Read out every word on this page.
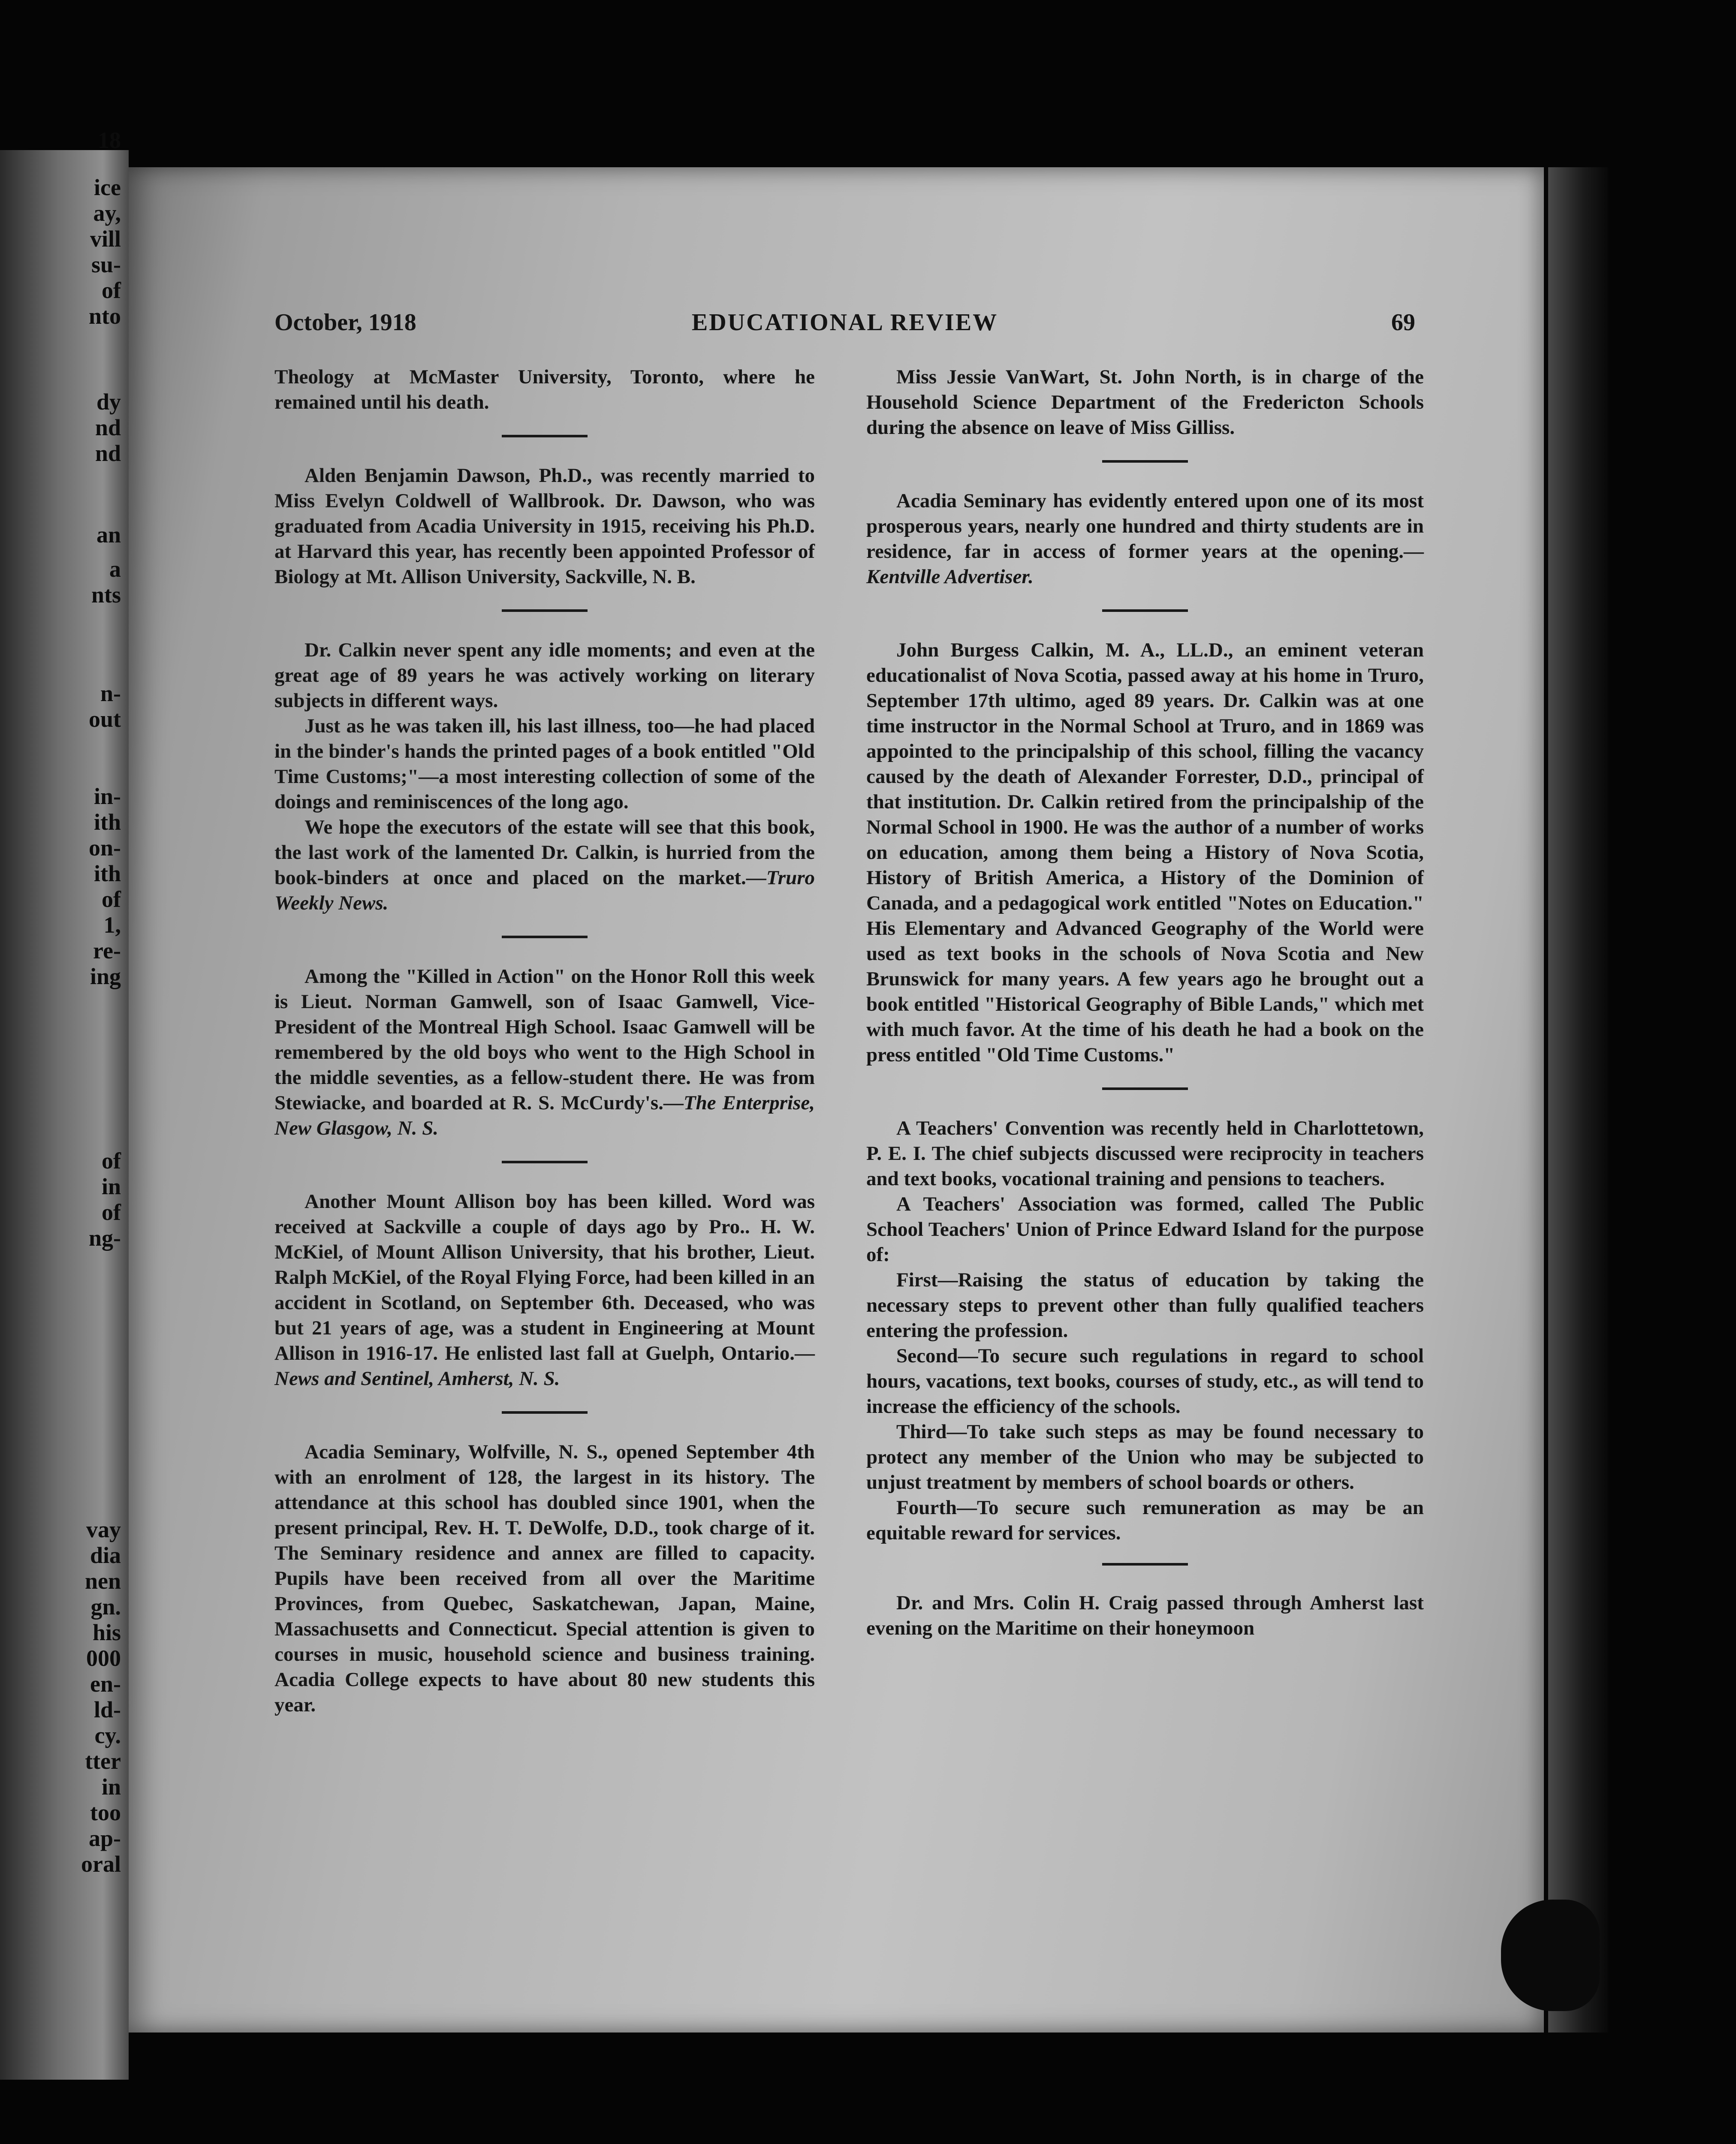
18
ice
ay,
vill
su-
of
nto
dy
nd
nd
an
a
nts
n-
out
in-
ith
on-
ith
of
1,
re-
ing
of
in
of
ng-
vay
dia
nen
gn.
his
000
en-
ld-
cy.
tter
in
too
ap-
oral
October, 1918	EDUCATIONAL REVIEW	69

Theology at McMaster University, Toronto, where he remained until his death.

Alden Benjamin Dawson, Ph.D., was recently married to Miss Evelyn Coldwell of Wallbrook. Dr. Dawson, who was graduated from Acadia University in 1915, receiving his Ph.D. at Harvard this year, has recently been appointed Professor of Biology at Mt. Allison University, Sackville, N. B.

Dr. Calkin never spent any idle moments; and even at the great age of 89 years he was actively working on literary subjects in different ways.

Just as he was taken ill, his last illness, too—he had placed in the binder's hands the printed pages of a book entitled "Old Time Customs;"—a most interesting collection of some of the doings and reminiscences of the long ago.

We hope the executors of the estate will see that this book, the last work of the lamented Dr. Calkin, is hurried from the book-binders at once and placed on the market.—Truro Weekly News.

Among the "Killed in Action" on the Honor Roll this week is Lieut. Norman Gamwell, son of Isaac Gamwell, Vice-President of the Montreal High School. Isaac Gamwell will be remembered by the old boys who went to the High School in the middle seventies, as a fellow-student there. He was from Stewiacke, and boarded at R. S. McCurdy's.—The Enterprise, New Glasgow, N. S.

Another Mount Allison boy has been killed. Word was received at Sackville a couple of days ago by Pro.. H. W. McKiel, of Mount Allison University, that his brother, Lieut. Ralph McKiel, of the Royal Flying Force, had been killed in an accident in Scotland, on September 6th. Deceased, who was but 21 years of age, was a student in Engineering at Mount Allison in 1916-17. He enlisted last fall at Guelph, Ontario.—News and Sentinel, Amherst, N. S.

Acadia Seminary, Wolfville, N. S., opened September 4th with an enrolment of 128, the largest in its history. The attendance at this school has doubled since 1901, when the present principal, Rev. H. T. DeWolfe, D.D., took charge of it. The Seminary residence and annex are filled to capacity. Pupils have been received from all over the Maritime Provinces, from Quebec, Saskatchewan, Japan, Maine, Massachusetts and Connecticut. Special attention is given to courses in music, household science and business training. Acadia College expects to have about 80 new students this year.

Miss Jessie VanWart, St. John North, is in charge of the Household Science Department of the Fredericton Schools during the absence on leave of Miss Gilliss.

Acadia Seminary has evidently entered upon one of its most prosperous years, nearly one hundred and thirty students are in residence, far in access of former years at the opening.—Kentville Advertiser.

John Burgess Calkin, M. A., LL.D., an eminent veteran educationalist of Nova Scotia, passed away at his home in Truro, September 17th ultimo, aged 89 years. Dr. Calkin was at one time instructor in the Normal School at Truro, and in 1869 was appointed to the principalship of this school, filling the vacancy caused by the death of Alexander Forrester, D.D., principal of that institution. Dr. Calkin retired from the principalship of the Normal School in 1900. He was the author of a number of works on education, among them being a History of Nova Scotia, History of British America, a History of the Dominion of Canada, and a pedagogical work entitled "Notes on Education." His Elementary and Advanced Geography of the World were used as text books in the schools of Nova Scotia and New Brunswick for many years. A few years ago he brought out a book entitled "Historical Geography of Bible Lands," which met with much favor. At the time of his death he had a book on the press entitled "Old Time Customs."

A Teachers' Convention was recently held in Charlottetown, P. E. I. The chief subjects discussed were reciprocity in teachers and text books, vocational training and pensions to teachers.

A Teachers' Association was formed, called The Public School Teachers' Union of Prince Edward Island for the purpose of:

First—Raising the status of education by taking the necessary steps to prevent other than fully qualified teachers entering the profession.

Second—To secure such regulations in regard to school hours, vacations, text books, courses of study, etc., as will tend to increase the efficiency of the schools.

Third—To take such steps as may be found necessary to protect any member of the Union who may be subjected to unjust treatment by members of school boards or others.

Fourth—To secure such remuneration as may be an equitable reward for services.

Dr. and Mrs. Colin H. Craig passed through Amherst last evening on the Maritime on their honeymoon
